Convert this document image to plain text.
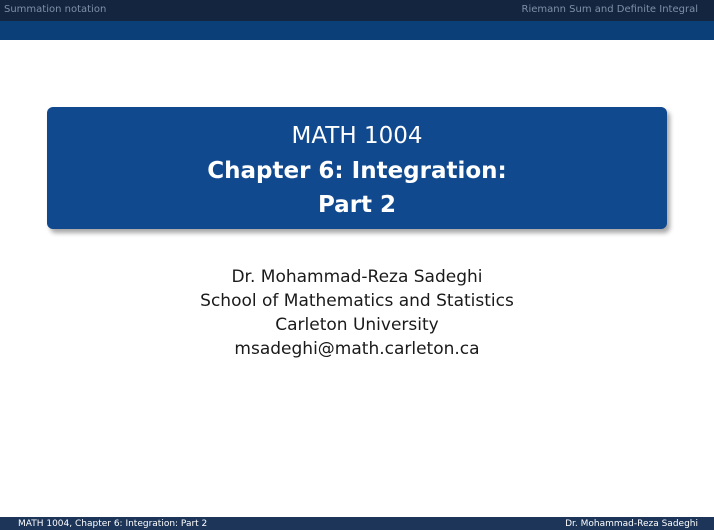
Summation notation	Riemann Sum and Definite Integral
MATH 1004
Chapter 6: Integration:
Part 2
Dr. Mohammad-Reza Sadeghi
School of Mathematics and Statistics
Carleton University
msadeghi@math.carleton.ca
MATH 1004, Chapter 6: Integration: Part 2	Dr. Mohammad-Reza Sadeghi
